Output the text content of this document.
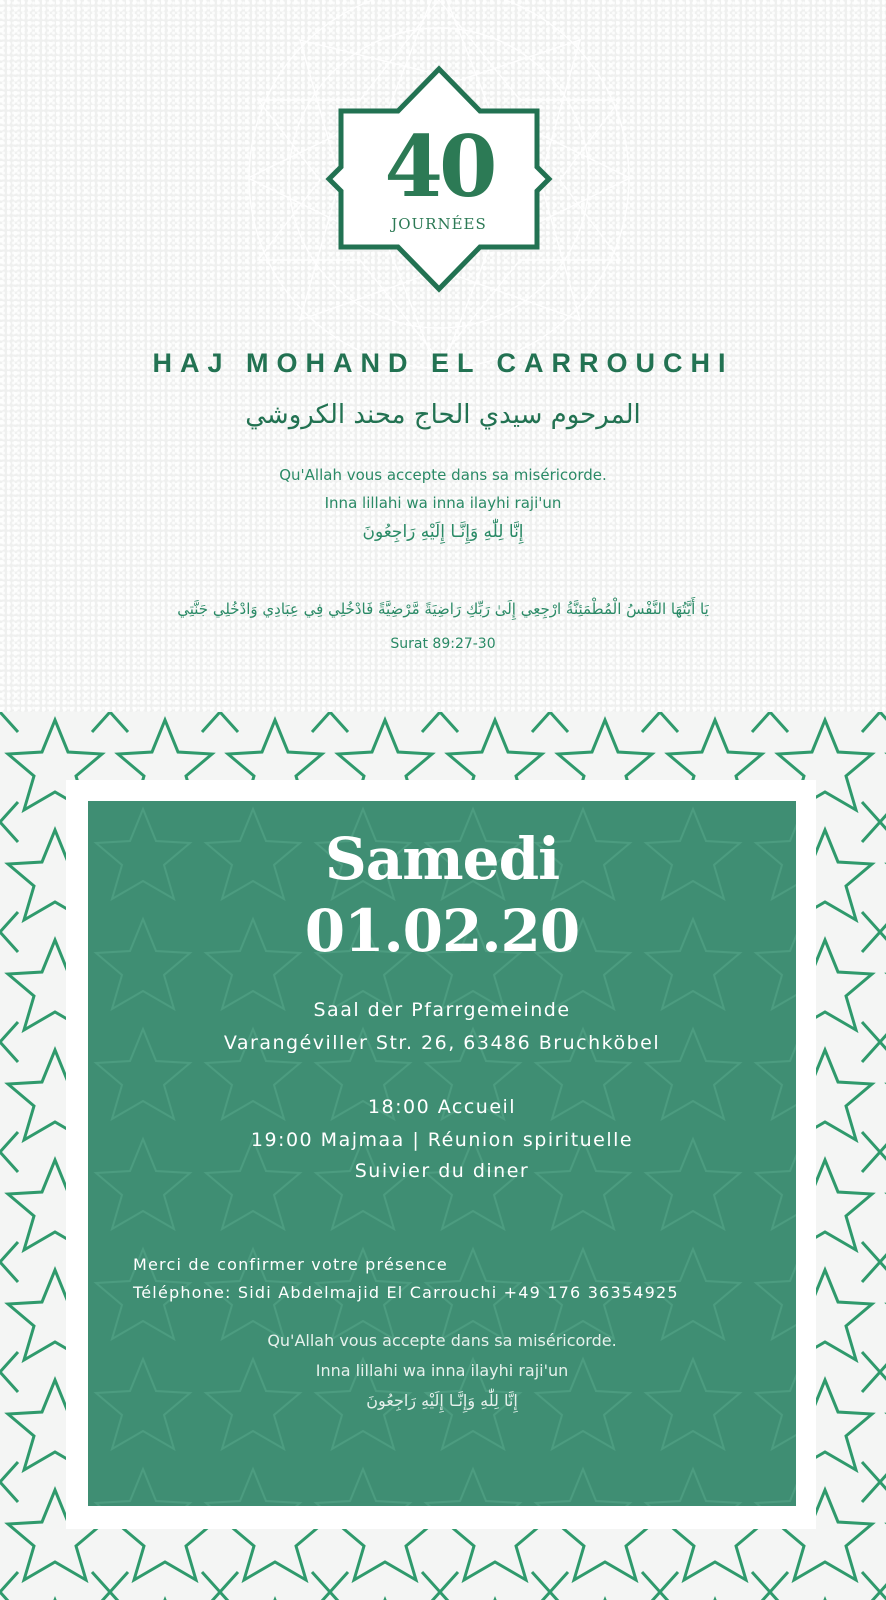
40
JOURNÉES
HAJ MOHAND EL CARROUCHI
المرحوم سيدي الحاج محند الكروشي
Qu'Allah vous accepte dans sa miséricorde.
Inna lillahi wa inna ilayhi raji'un
إِنَّا لِلّٰهِ وَإِنَّـا إِلَيْهِ رَاجِعُونَ
يَا أَيَّتُهَا النَّفْسُ الْمُطْمَئِنَّةُ ارْجِعِي إِلَىٰ رَبِّكِ رَاضِيَةً مَّرْضِيَّةً فَادْخُلِي فِي عِبَادِي وَادْخُلِي جَنَّتِي
Surat 89:27-30
Samedi
01.02.20
Saal der Pfarrgemeinde
Varangéviller Str. 26, 63486 Bruchköbel
18:00 Accueil
19:00 Majmaa | Réunion spirituelle
Suivier du diner
Merci de confirmer votre présence
Téléphone: Sidi Abdelmajid El Carrouchi +49 176 36354925
Qu'Allah vous accepte dans sa miséricorde.
Inna lillahi wa inna ilayhi raji'un
إِنَّا لِلّٰهِ وَإِنَّـا إِلَيْهِ رَاجِعُونَ
